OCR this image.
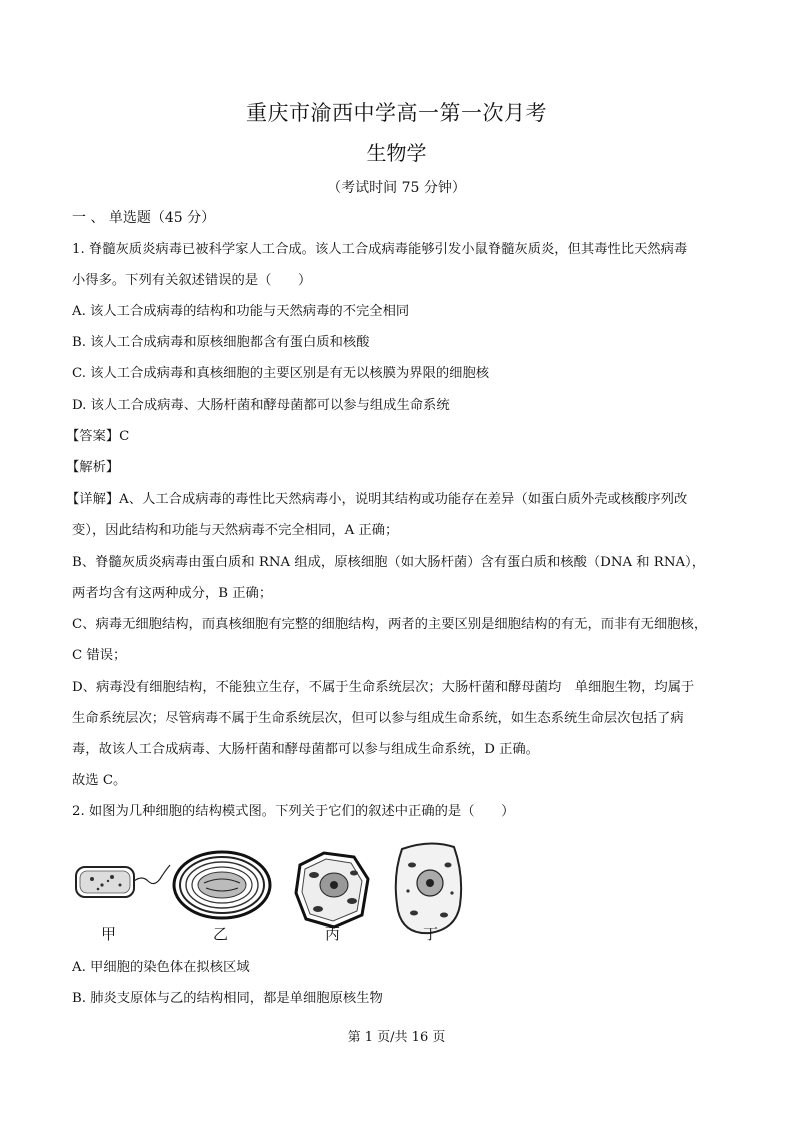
重庆市渝西中学高一第一次月考
生物学
（考试时间 75 分钟）
一 、 单选题（45 分）
1. 脊髓灰质炎病毒已被科学家人工合成。该人工合成病毒能够引发小鼠脊髓灰质炎，但其毒性比天然病毒
小得多。下列有关叙述错误的是（　　）
A. 该人工合成病毒的结构和功能与天然病毒的不完全相同
B. 该人工合成病毒和原核细胞都含有蛋白质和核酸
C. 该人工合成病毒和真核细胞的主要区别是有无以核膜为界限的细胞核
D. 该人工合成病毒、大肠杆菌和酵母菌都可以参与组成生命系统
【答案】C
【解析】
【详解】A、人工合成病毒的毒性比天然病毒小，说明其结构或功能存在差异（如蛋白质外壳或核酸序列改
变），因此结构和功能与天然病毒不完全相同，A 正确；
B、脊髓灰质炎病毒由蛋白质和 RNA 组成，原核细胞（如大肠杆菌）含有蛋白质和核酸（DNA 和 RNA），
两者均含有这两种成分，B 正确；
C、病毒无细胞结构，而真核细胞有完整的细胞结构，两者的主要区别是细胞结构的有无，而非有无细胞核，
C 错误；
D、病毒没有细胞结构，不能独立生存，不属于生命系统层次；大肠杆菌和酵母菌均　单细胞生物，均属于
生命系统层次；尽管病毒不属于生命系统层次，但可以参与组成生命系统，如生态系统生命层次包括了病
毒，故该人工合成病毒、大肠杆菌和酵母菌都可以参与组成生命系统，D 正确。
故选 C。
2. 如图为几种细胞的结构模式图。下列关于它们的叙述中正确的是（　　）
甲	乙	丙	丁
A. 甲细胞的染色体在拟核区域
B. 肺炎支原体与乙的结构相同，都是单细胞原核生物
第 1 页/共 16 页
